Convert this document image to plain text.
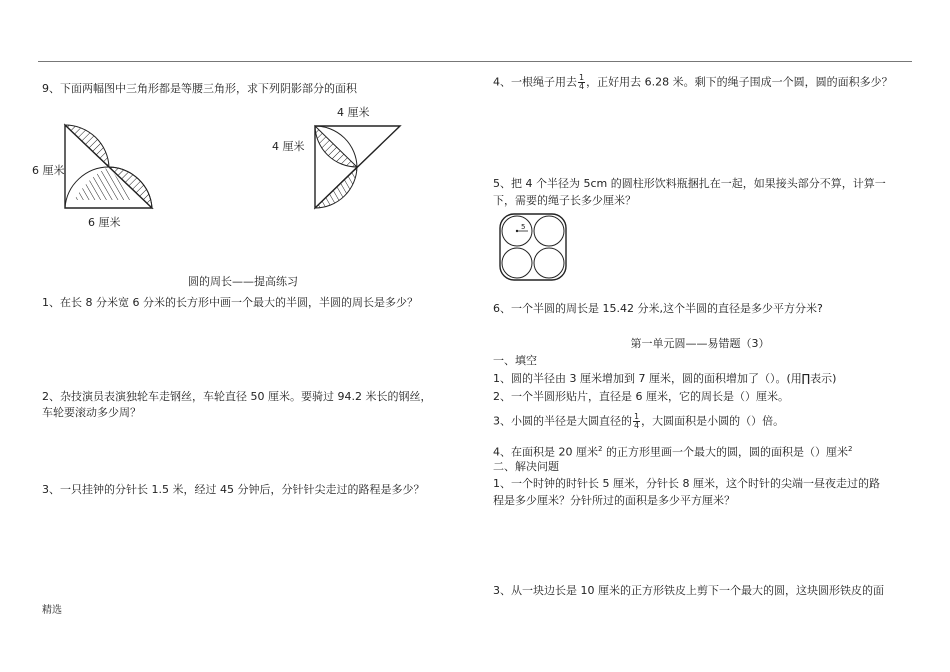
9、下面两幅图中三角形都是等腰三角形，求下列阴影部分的面积
6 厘米
6 厘米
4 厘米
4 厘米
圆的周长——提高练习
1、在长 8 分米宽 6 分米的长方形中画一个最大的半圆，半圆的周长是多少？
2、杂技演员表演独轮车走钢丝，车轮直径 50 厘米。要骑过 94.2 米长的钢丝，
车轮要滚动多少周？
3、一只挂钟的分针长 1.5 米，经过 45 分钟后，分针针尖走过的路程是多少？
精选
4、一根绳子用去 $\frac{1}{4}$ ，正好用去 6.28 米。剩下的绳子围成一个圆，圆的面积多少？
5、把 4 个半径为 5cm 的圆柱形饮料瓶捆扎在一起，如果接头部分不算，计算一
下，需要的绳子长多少厘米？
5
6、一个半圆的周长是 15.42 分米,这个半圆的直径是多少平方分米?
第一单元圆——易错题（3）
一、填空
1、圆的半径由 3 厘米增加到 7 厘米，圆的面积增加了（）。(用∏表示)
2、一个半圆形贴片，直径是 6 厘米，它的周长是（）厘米。
3、小圆的半径是大圆直径的 $\frac{1}{4}$ ，大圆面积是小圆的（）倍。
4、在面积是 20 厘米$^2$ 的正方形里画一个最大的圆，圆的面积是（）厘米$^2$
二、解决问题
1、一个时钟的时针长 5 厘米，分针长 8 厘米，这个时针的尖端一昼夜走过的路
程是多少厘米？分针所过的面积是多少平方厘米？
3、从一块边长是 10 厘米的正方形铁皮上剪下一个最大的圆，这块圆形铁皮的面
